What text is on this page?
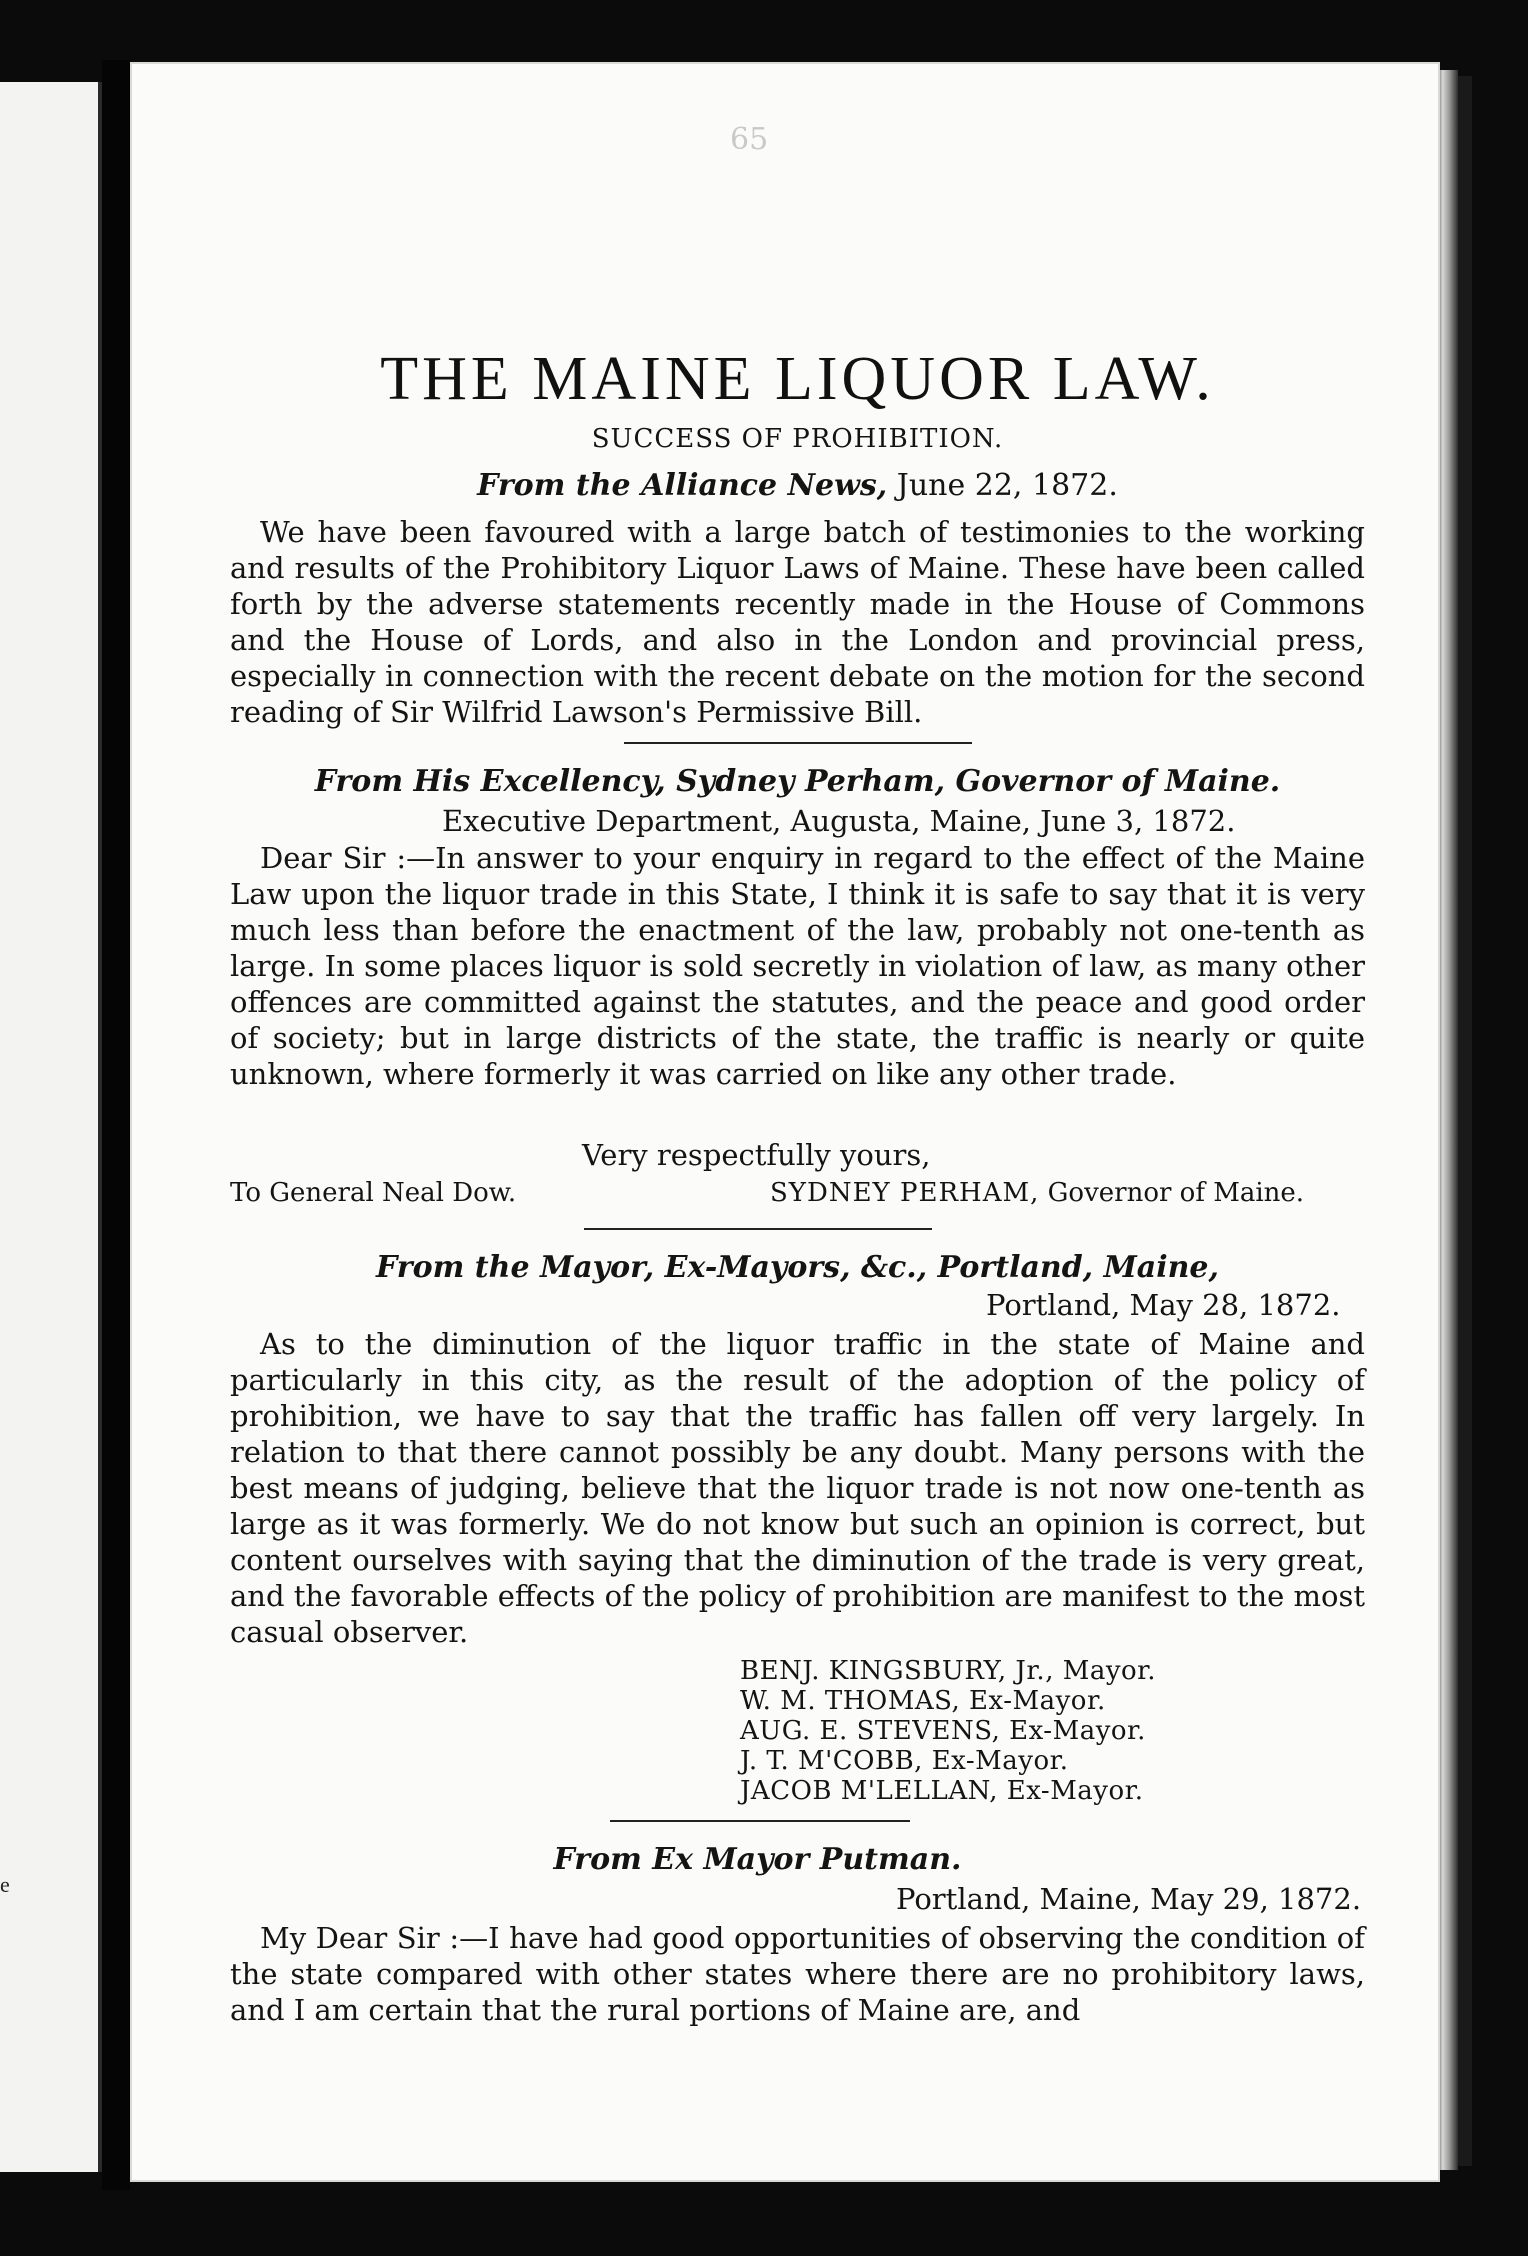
e
65
THE MAINE LIQUOR LAW.
SUCCESS OF PROHIBITION.
From the Alliance News, June 22, 1872.

We have been favoured with a large batch of testimonies to the working and results of the Prohibitory Liquor Laws of Maine. These have been called forth by the adverse statements recently made in the House of Commons and the House of Lords, and also in the London and provincial press, especially in connection with the recent debate on the motion for the second reading of Sir Wilfrid Lawson's Permissive Bill.

From His Excellency, Sydney Perham, Governor of Maine.
Executive Department, Augusta, Maine, June 3, 1872.

Dear Sir :—In answer to your enquiry in regard to the effect of the Maine Law upon the liquor trade in this State, I think it is safe to say that it is very much less than before the enactment of the law, probably not one-tenth as large. In some places liquor is sold secretly in violation of law, as many other offences are committed against the statutes, and the peace and good order of society; but in large districts of the state, the traffic is nearly or quite unknown, where formerly it was carried on like any other trade.

Very respectfully yours,
To General Neal Dow.	SYDNEY PERHAM, Governor of Maine.
From the Mayor, Ex-Mayors, &c., Portland, Maine,
Portland, May 28, 1872.

As to the diminution of the liquor traffic in the state of Maine and particularly in this city, as the result of the adoption of the policy of prohibition, we have to say that the traffic has fallen off very largely. In relation to that there cannot possibly be any doubt. Many persons with the best means of judging, believe that the liquor trade is not now one-tenth as large as it was formerly. We do not know but such an opinion is correct, but content ourselves with saying that the diminution of the trade is very great, and the favorable effects of the policy of prohibition are manifest to the most casual observer.

BENJ. KINGSBURY, Jr., Mayor.
W. M. THOMAS, Ex-Mayor.
AUG. E. STEVENS, Ex-Mayor.
J. T. M'COBB, Ex-Mayor.
JACOB M'LELLAN, Ex-Mayor.
From Ex Mayor Putman.
Portland, Maine, May 29, 1872.

My Dear Sir :—I have had good opportunities of observing the condition of the state compared with other states where there are no prohibitory laws, and I am certain that the rural portions of Maine are, and
